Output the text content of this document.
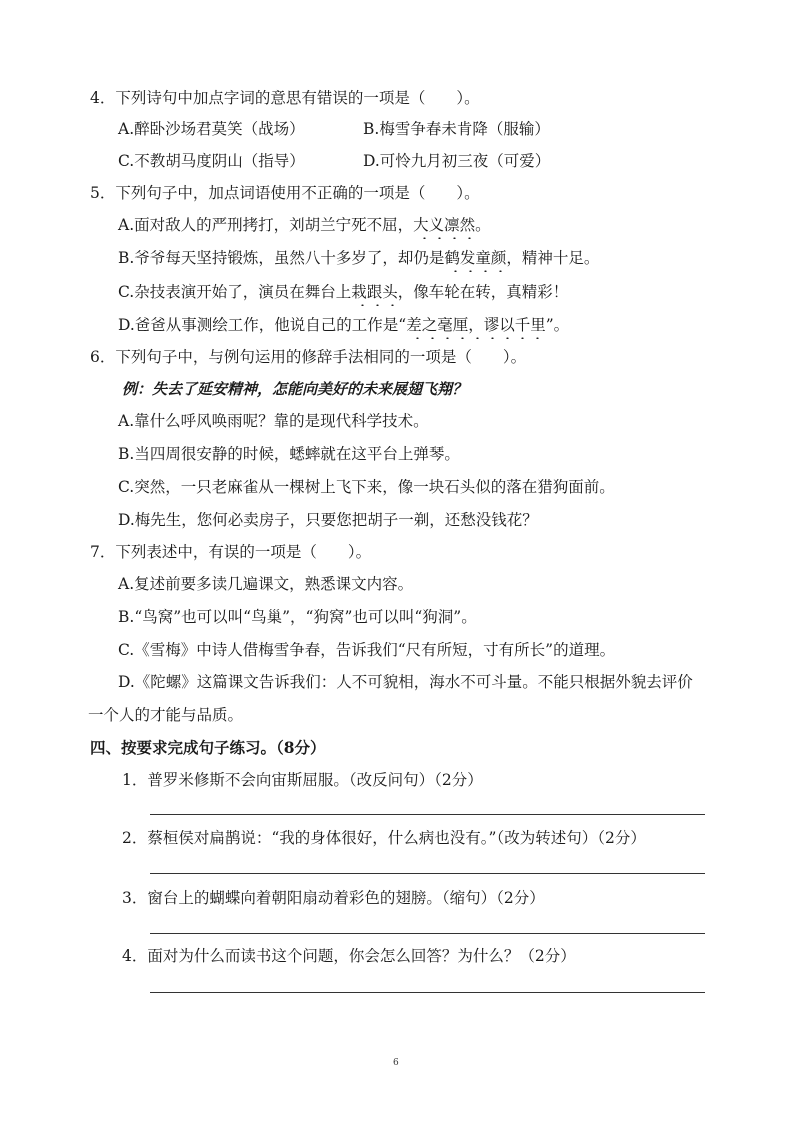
4．下列诗句中加点字词的意思有错误的一项是（　　）。
A.醉卧沙场君莫笑（战场）	B.梅雪争春未肯降（服输）
C.不教胡马度阴山（指导）	D.可怜九月初三夜（可爱）
5．下列句子中，加点词语使用不正确的一项是（　　）。
A.面对敌人的严刑拷打，刘胡兰宁死不屈，大义凛然。
B.爷爷每天坚持锻炼，虽然八十多岁了，却仍是鹤发童颜，精神十足。
C.杂技表演开始了，演员在舞台上栽跟头，像车轮在转，真精彩！
D.爸爸从事测绘工作，他说自己的工作是“差之毫厘，谬以千里”。
6．下列句子中，与例句运用的修辞手法相同的一项是（　　）。
例：失去了延安精神，怎能向美好的未来展翅飞翔？
A.靠什么呼风唤雨呢？靠的是现代科学技术。
B.当四周很安静的时候，蟋蟀就在这平台上弹琴。
C.突然，一只老麻雀从一棵树上飞下来，像一块石头似的落在猎狗面前。
D.梅先生，您何必卖房子，只要您把胡子一剃，还愁没钱花？
7．下列表述中，有误的一项是（　　）。
A.复述前要多读几遍课文，熟悉课文内容。
B.“鸟窝”也可以叫“鸟巢”，“狗窝”也可以叫“狗洞”。
C.《雪梅》中诗人借梅雪争春，告诉我们“尺有所短，寸有所长”的道理。
D.《陀螺》这篇课文告诉我们：人不可貌相，海水不可斗量。不能只根据外貌去评价
一个人的才能与品质。
四、按要求完成句子练习。（8分）
1．普罗米修斯不会向宙斯屈服。（改反问句）（2分）
2．蔡桓侯对扁鹊说：“我的身体很好，什么病也没有。”（改为转述句）（2分）
3．窗台上的蝴蝶向着朝阳扇动着彩色的翅膀。（缩句）（2分）
4．面对为什么而读书这个问题，你会怎么回答？为什么？（2分）
6
